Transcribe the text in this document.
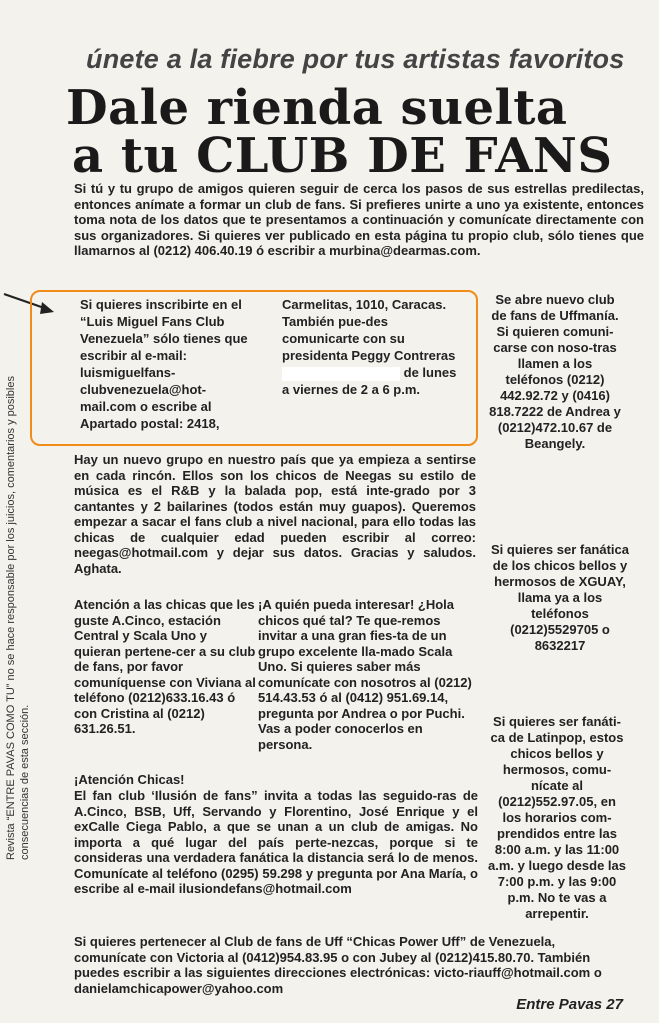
únete a la fiebre por tus artistas favoritos
Dale rienda suelta
a tu CLUB DE FANS
Si tú y tu grupo de amigos quieren seguir de cerca los pasos de sus estrellas predilectas, entonces anímate a formar un club de fans. Si prefieres unirte a uno ya existente, entonces toma nota de los datos que te presentamos a continuación y comunícate directamente con sus organizadores. Si quieres ver publicado en esta página tu propio club, sólo tienes que llamarnos al (0212) 406.40.19 ó escribir a murbina@dearmas.com.
Si quieres inscribirte en el “Luis Miguel Fans Club Venezuela” sólo tienes que escribir al e-mail: luismiguelfans-clubvenezuela@hot-mail.com o escribe al Apartado postal: 2418,
Carmelitas, 1010, Caracas. También pue-des comunicarte con su presidenta Peggy Contreras  de lunes a viernes de 2 a 6 p.m.
Hay un nuevo grupo en nuestro país que ya empieza a sentirse en cada rincón. Ellos son los chicos de Neegas su estilo de música es el R&B y la balada pop, está inte-grado por 3 cantantes y 2 bailarines (todos están muy guapos). Queremos empezar a sacar el fans club a nivel nacional, para ello todas las chicas de cualquier edad pueden escribir al correo: neegas@hotmail.com y dejar sus datos. Gracias y saludos. Aghata.
Atención a las chicas que les guste A.Cinco, estación Central y Scala Uno y quieran pertene-cer a su club de fans, por favor comuníquense con Viviana al teléfono (0212)633.16.43 ó con Cristina al (0212) 631.26.51.
¡A quién pueda interesar! ¿Hola chicos qué tal? Te que-remos invitar a una gran fies-ta de un grupo excelente lla-mado Scala Uno. Si quieres saber más comunícate con nosotros al (0212) 514.43.53 ó al (0412) 951.69.14, pregunta por Andrea o por Puchi. Vas a poder conocerlos en persona.
¡Atención Chicas!
El fan club ‘Ilusión de fans” invita a todas las seguido-ras de A.Cinco, BSB, Uff, Servando y Florentino, José Enrique y el exCalle Ciega Pablo, a que se unan a un club de amigas. No importa a qué lugar del país perte-nezcas, porque si te consideras una verdadera fanática la distancia será lo de menos. Comunícate al teléfono (0295) 59.298 y pregunta por Ana María, o escribe al e-mail ilusiondefans@hotmail.com
Si quieres pertenecer al Club de fans de Uff “Chicas Power Uff” de Venezuela, comunícate con Victoria al (0412)954.83.95 o con Jubey al (0212)415.80.70. También puedes escribir a las siguientes direcciones electrónicas: victo-riauff@hotmail.com o danielamchicapower@yahoo.com
Se abre nuevo club de fans de Uffmanía. Si quieren comuni-carse con noso-tras llamen a los teléfonos (0212) 442.92.72 y (0416) 818.7222 de Andrea y (0212)472.10.67 de Beangely.
Si quieres ser fanática de los chicos bellos y hermosos de XGUAY, llama ya a los teléfonos (0212)5529705 o 8632217
Si quieres ser fanáti-ca de Latinpop, estos chicos bellos y hermosos, comu-nícate al (0212)552.97.05, en los horarios com-prendidos entre las 8:00 a.m. y las 11:00 a.m. y luego desde las 7:00 p.m. y las 9:00 p.m. No te vas a arrepentir.
Revista “ENTRE PAVAS COMO TU” no se hace responsable por los juicios, comentarios y posibles consecuencias de esta sección.
Entre Pavas 27
